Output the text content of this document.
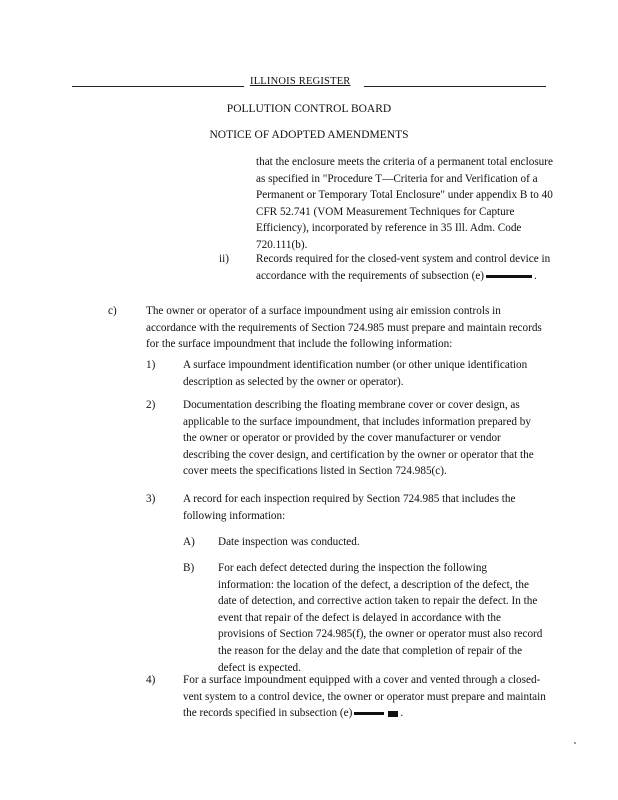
ILLINOIS REGISTER
POLLUTION CONTROL BOARD
NOTICE OF ADOPTED AMENDMENTS
that the enclosure meets the criteria of a permanent total enclosure as specified in "Procedure T—Criteria for and Verification of a Permanent or Temporary Total Enclosure" under appendix B to 40 CFR 52.741 (VOM Measurement Techniques for Capture Efficiency), incorporated by reference in 35 Ill. Adm. Code 720.111(b).
ii) Records required for the closed-vent system and control device in accordance with the requirements of subsection (e)	.
c)	The owner or operator of a surface impoundment using air emission controls in accordance with the requirements of Section 724.985 must prepare and maintain records for the surface impoundment that include the following information:
1) A surface impoundment identification number (or other unique identification description as selected by the owner or operator).
2) Documentation describing the floating membrane cover or cover design, as applicable to the surface impoundment, that includes information prepared by the owner or operator or provided by the cover manufacturer or vendor describing the cover design, and certification by the owner or operator that the cover meets the specifications listed in Section 724.985(c).
3) A record for each inspection required by Section 724.985 that includes the following information:
A) Date inspection was conducted.
B) For each defect detected during the inspection the following information: the location of the defect, a description of the defect, the date of detection, and corrective action taken to repair the defect. In the event that repair of the defect is delayed in accordance with the provisions of Section 724.985(f), the owner or operator must also record the reason for the delay and the date that completion of repair of the defect is expected.
4) For a surface impoundment equipped with a cover and vented through a closed-vent system to a control device, the owner or operator must prepare and maintain the records specified in subsection (e)	.
